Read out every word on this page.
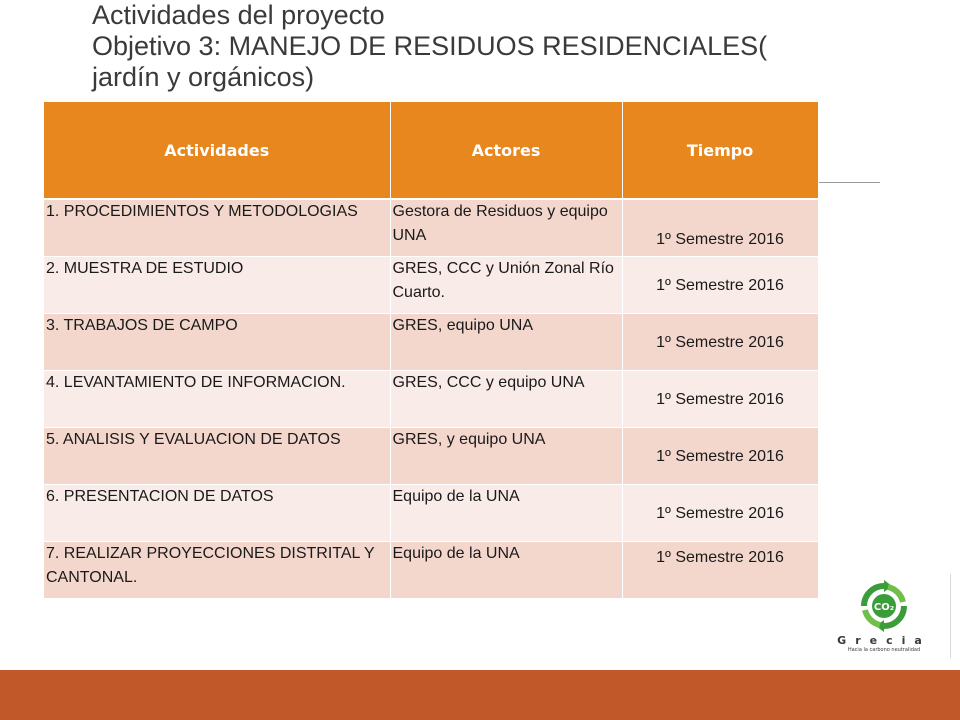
Actividades del proyecto
Objetivo 3: MANEJO DE RESIDUOS RESIDENCIALES(
jardín y orgánicos)
Actividades	Actores	Tiempo
1. PROCEDIMIENTOS Y METODOLOGIAS	Gestora de Residuos y equipo UNA	1º Semestre 2016
2. MUESTRA DE ESTUDIO	GRES, CCC y Unión Zonal Río Cuarto.	1º Semestre 2016
3. TRABAJOS DE CAMPO	GRES, equipo UNA	1º Semestre 2016
4. LEVANTAMIENTO DE INFORMACION.	GRES, CCC y equipo UNA	1º Semestre 2016
5. ANALISIS Y EVALUACION DE DATOS	GRES, y equipo UNA	1º Semestre 2016
6. PRESENTACION DE DATOS	Equipo de la UNA	1º Semestre 2016
7. REALIZAR PROYECCIONES DISTRITAL Y CANTONAL.	Equipo de la UNA	1º Semestre 2016
CO₂
Grecia
Hacia la carbono neutralidad
